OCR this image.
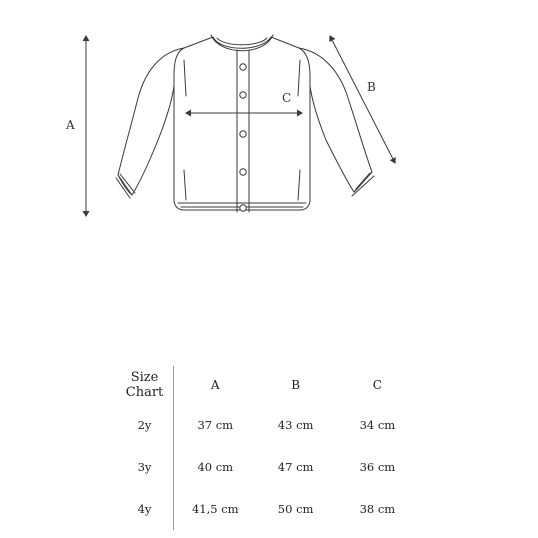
A
B
C
Size
Chart	A	B	C
2y	37 cm	43 cm	34 cm
3y	40 cm	47 cm	36 cm
4y	41,5 cm	50 cm	38 cm
